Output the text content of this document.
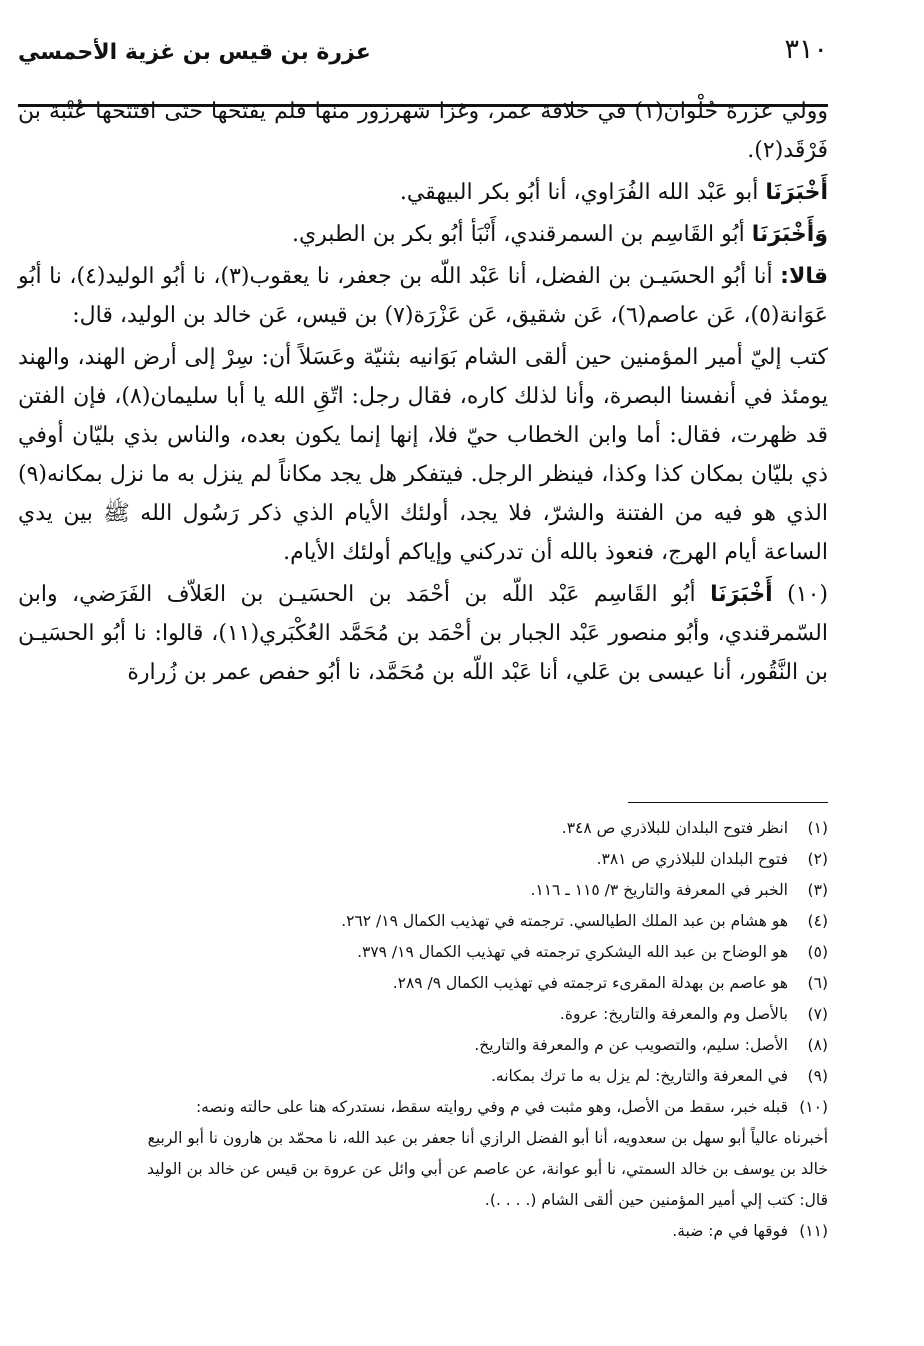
٣١٠
عزرة بن قيس بن غزية الأحمسي

وولي عزرة حُلْوان(١) في خلافة عمر، وغزا شهرزور منها فلم يفتحها حتى افتتحها عُتْبة بن فَرْقَد(٢).

أَخْبَرَنَا أبو عَبْد الله الفُرَاوي، أنا أبُو بكر البيهقي.

وَأَخْبَرَنَا أبُو القَاسِم بن السمرقندي، أَنْبَأ أبُو بكر بن الطبري.

قالا: أنا أبُو الحسَيـن بن الفضل، أنا عَبْد اللّه بن جعفر، نا يعقوب(٣)، نا أبُو الوليد(٤)، نا أبُو عَوَانة(٥)، عَن عاصم(٦)، عَن شقيق، عَن عَزْرَة(٧) بن قيس، عَن خالد بن الوليد، قال:

كتب إليّ أمير المؤمنين حين ألقى الشام بَوَانيه بثنيّة وعَسَلاً أن: سِرْ إلى أرض الهند، والهند يومئذ في أنفسنا البصرة، وأنا لذلك كاره، فقال رجل: اتّقِ الله يا أبا سليمان(٨)، فإن الفتن قد ظهرت، فقال: أما وابن الخطاب حيّ فلا، إنها إنما يكون بعده، والناس بذي بليّان أوفي ذي بليّان بمكان كذا وكذا، فينظر الرجل. فيتفكر هل يجد مكاناً لم ينزل به ما نزل بمكانه(٩) الذي هو فيه من الفتنة والشرّ، فلا يجد، أولئك الأيام الذي ذكر رَسُول الله ﷺ بين يدي الساعة أيام الهرج، فنعوذ بالله أن تدركني وإياكم أولئك الأيام.

(١٠) أَخْبَرَنَا أبُو القَاسِم عَبْد اللّه بن أحْمَد بن الحسَيـن بن العَلاّف الفَرَضي، وابن السّمرقندي، وأبُو منصور عَبْد الجبار بن أحْمَد بن مُحَمَّد العُكْبَري(١١)، قالوا: نا أبُو الحسَيـن بن النَّقُور، أنا عيسى بن عَلي، أنا عَبْد اللّه بن مُحَمَّد، نا أبُو حفص عمر بن زُرارة

(١)انظر فتوح البلدان للبلاذري ص ٣٤٨.

(٢)فتوح البلدان للبلاذري ص ٣٨١.

(٣)الخبر في المعرفة والتاريخ ٣/ ١١٥ ـ ١١٦.

(٤)هو هشام بن عبد الملك الطيالسي. ترجمته في تهذيب الكمال ١٩/ ٢٦٢.

(٥)هو الوضاح بن عبد الله اليشكري ترجمته في تهذيب الكمال ١٩/ ٣٧٩.

(٦)هو عاصم بن بهدلة المقرىء ترجمته في تهذيب الكمال ٩/ ٢٨٩.

(٧)بالأصل وم والمعرفة والتاريخ: عروة.

(٨)الأصل: سليم، والتصويب عن م والمعرفة والتاريخ.

(٩)في المعرفة والتاريخ: لم يزل به ما ترك بمكانه.

(١٠)قبله خبر، سقط من الأصل، وهو مثبت في م وفي روايته سقط، نستدركه هنا على حالته ونصه:

أخبرناه عالياً أبو سهل بن سعدويه، أنا أبو الفضل الرازي أنا جعفر بن عبد الله، نا محمّد بن هارون نا أبو الربيع

خالد بن يوسف بن خالد السمتي، نا أبو عوانة، عن عاصم عن أبي وائل عن عروة بن قيس عن خالد بن الوليد

قال: كتب إلي أمير المؤمنين حين ألقى الشام (. . . .).

(١١)فوقها في م: ضبة.
